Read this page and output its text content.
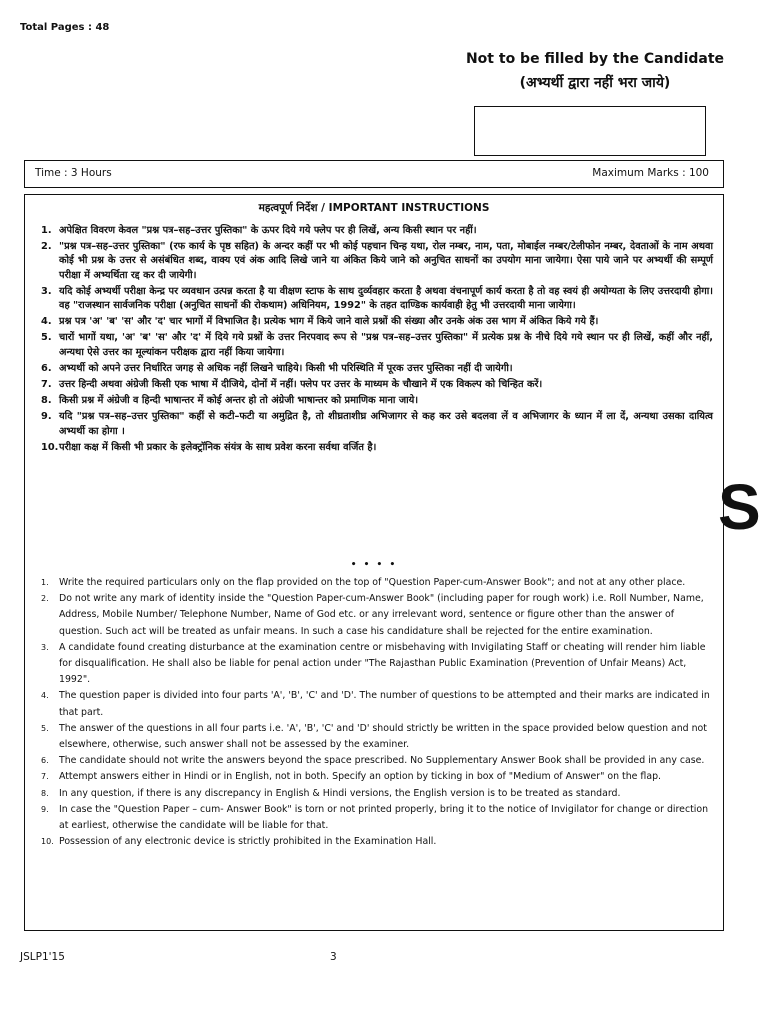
Total Pages : 48
Not to be filled by the Candidate
(अभ्यर्थी द्वारा नहीं भरा जाये)
Time : 3 Hours	Maximum Marks : 100
महत्वपूर्ण निर्देश / IMPORTANT INSTRUCTIONS
1. अपेक्षित विवरण केवल "प्रश्न पत्र–सह–उत्तर पुस्तिका" के ऊपर दिये गये फ्लेप पर ही लिखें, अन्य किसी स्थान पर नहीं।
2. "प्रश्न पत्र–सह–उत्तर पुस्तिका" (रफ कार्य के पृष्ठ सहित) के अन्दर कहीं पर भी कोई पहचान चिन्ह यथा, रोल नम्बर, नाम, पता, मोबाईल नम्बर/टेलीफोन नम्बर, देवताओं के नाम अथवा कोई भी प्रश्न के उत्तर से असंबंधित शब्द, वाक्य एवं अंक आदि लिखे जाने या अंकित किये जाने को अनुचित साधनों का उपयोग माना जायेगा। ऐसा पाये जाने पर अभ्यर्थी की सम्पूर्ण परीक्षा में अभ्यर्थिता रद्द कर दी जायेगी।
3. यदि कोई अभ्यर्थी परीक्षा केन्द्र पर व्यवधान उत्पन्न करता है या वीक्षण स्टाफ के साथ दुर्व्यवहार करता है अथवा वंचनापूर्ण कार्य करता है तो वह स्वयं ही अयोग्यता के लिए उत्तरदायी होगा। वह "राजस्थान सार्वजनिक परीक्षा (अनुचित साधनों की रोकथाम) अधिनियम, 1992" के तहत दाण्डिक कार्यवाही हेतु भी उत्तरदायी माना जायेगा।
4. प्रश्न पत्र 'अ' 'ब' 'स' और 'द' चार भागों में विभाजित है। प्रत्येक भाग में किये जाने वाले प्रश्नों की संख्या और उनके अंक उस भाग में अंकित किये गये हैं।
5. चारों भागों यथा, 'अ' 'ब' 'स' और 'द' में दिये गये प्रश्नों के उत्तर निरपवाद रूप से "प्रश्न पत्र–सह–उत्तर पुस्तिका" में प्रत्येक प्रश्न के नीचे दिये गये स्थान पर ही लिखें, कहीं और नहीं, अन्यथा ऐसे उत्तर का मूल्यांकन परीक्षक द्वारा नहीं किया जायेगा।
6. अभ्यर्थी को अपने उत्तर निर्धारित जगह से अधिक नहीं लिखने चाहिये। किसी भी परिस्थिति में पूरक उत्तर पुस्तिका नहीं दी जायेगी।
7. उत्तर हिन्दी अथवा अंग्रेजी किसी एक भाषा में दीजिये, दोनों में नहीं। फ्लेप पर उत्तर के माध्यम के चौखाने में एक विकल्प को चिन्हित करें।
8. किसी प्रश्न में अंग्रेजी व हिन्दी भाषान्तर में कोई अन्तर हो तो अंग्रेजी भाषान्तर को प्रमाणिक माना जाये।
9. यदि "प्रश्न पत्र–सह–उत्तर पुस्तिका" कहीं से कटी–फटी या अमुद्रित है, तो शीघ्रताशीघ्र अभिजागर से कह कर उसे बदलवा लें व अभिजागर के ध्यान में ला दें, अन्यथा उसका दायित्व अभ्यर्थी का होगा ।
10. परीक्षा कक्ष में किसी भी प्रकार के इलेक्ट्रॉनिक संयंत्र के साथ प्रवेश करना सर्वथा वर्जित है।
• • • •
1. Write the required particulars only on the flap provided on the top of "Question Paper-cum-Answer Book"; and not at any other place.
2. Do not write any mark of identity inside the "Question Paper-cum-Answer Book" (including paper for rough work) i.e. Roll Number, Name, Address, Mobile Number/ Telephone Number, Name of God etc. or any irrelevant word, sentence or figure other than the answer of question. Such act will be treated as unfair means. In such a case his candidature shall be rejected for the entire examination.
3. A candidate found creating disturbance at the examination centre or misbehaving with Invigilating Staff or cheating will render him liable for disqualification. He shall also be liable for penal action under "The Rajasthan Public Examination (Prevention of Unfair Means) Act, 1992".
4. The question paper is divided into four parts 'A', 'B', 'C' and 'D'. The number of questions to be attempted and their marks are indicated in that part.
5. The answer of the questions in all four parts i.e. 'A', 'B', 'C' and 'D' should strictly be written in the space provided below question and not elsewhere, otherwise, such answer shall not be assessed by the examiner.
6. The candidate should not write the answers beyond the space prescribed. No Supplementary Answer Book shall be provided in any case.
7. Attempt answers either in Hindi or in English, not in both. Specify an option by ticking in box of "Medium of Answer" on the flap.
8. In any question, if there is any discrepancy in English & Hindi versions, the English version is to be treated as standard.
9. In case the "Question Paper – cum- Answer Book" is torn or not printed properly, bring it to the notice of Invigilator for change or direction at earliest, otherwise the candidate will be liable for that.
10. Possession of any electronic device is strictly prohibited in the Examination Hall.
S
JSLP1'15	3
